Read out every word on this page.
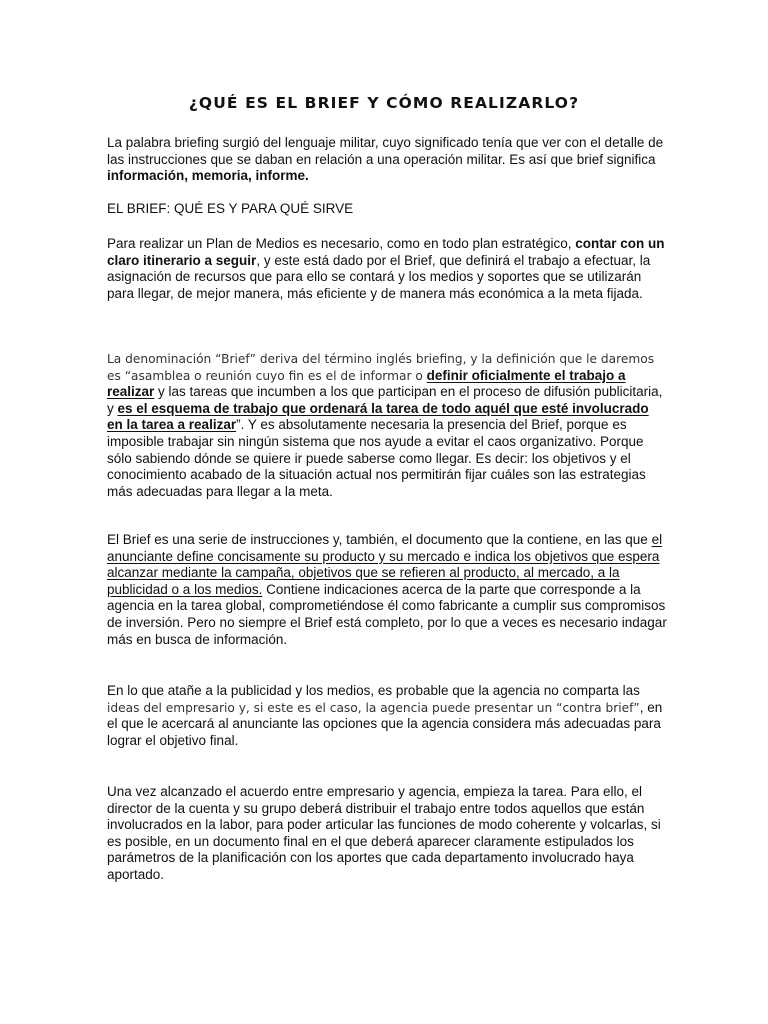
¿QUÉ ES EL BRIEF Y CÓMO REALIZARLO?

La palabra briefing surgió del lenguaje militar, cuyo significado tenía que ver con el detalle de las instrucciones que se daban en relación a una operación militar. Es así que brief significa información, memoria, informe.

EL BRIEF: QUÉ ES Y PARA QUÉ SIRVE

Para realizar un Plan de Medios es necesario, como en todo plan estratégico, contar con un claro itinerario a seguir, y este está dado por el Brief, que definirá el trabajo a efectuar, la asignación de recursos que para ello se contará y los medios y soportes que se utilizarán para llegar, de mejor manera, más eficiente y de manera más económica a la meta fijada.

La denominación “Brief” deriva del término inglés briefing, y la definición que le daremos es “asamblea o reunión cuyo fin es el de informar o definir oficialmente el trabajo a realizar y las tareas que incumben a los que participan en el proceso de difusión publicitaria, y es el esquema de trabajo que ordenará la tarea de todo aquél que esté involucrado en la tarea a realizar”. Y es absolutamente necesaria la presencia del Brief, porque es imposible trabajar sin ningún sistema que nos ayude a evitar el caos organizativo. Porque sólo sabiendo dónde se quiere ir puede saberse como llegar. Es decir: los objetivos y el conocimiento acabado de la situación actual nos permitirán fijar cuáles son las estrategias más adecuadas para llegar a la meta.

El Brief es una serie de instrucciones y, también, el documento que la contiene, en las que el anunciante define concisamente su producto y su mercado e indica los objetivos que espera alcanzar mediante la campaña, objetivos que se refieren al producto, al mercado, a la publicidad o a los medios. Contiene indicaciones acerca de la parte que corresponde a la agencia en la tarea global, comprometiéndose él como fabricante a cumplir sus compromisos de inversión. Pero no siempre el Brief está completo, por lo que a veces es necesario indagar más en busca de información.

En lo que atañe a la publicidad y los medios, es probable que la agencia no comparta las ideas del empresario y, si este es el caso, la agencia puede presentar un “contra brief”, en el que le acercará al anunciante las opciones que la agencia considera más adecuadas para lograr el objetivo final.

Una vez alcanzado el acuerdo entre empresario y agencia, empieza la tarea. Para ello, el director de la cuenta y su grupo deberá distribuir el trabajo entre todos aquellos que están involucrados en la labor, para poder articular las funciones de modo coherente y volcarlas, si es posible, en un documento final en el que deberá aparecer claramente estipulados los parámetros de la planificación con los aportes que cada departamento involucrado haya aportado.
